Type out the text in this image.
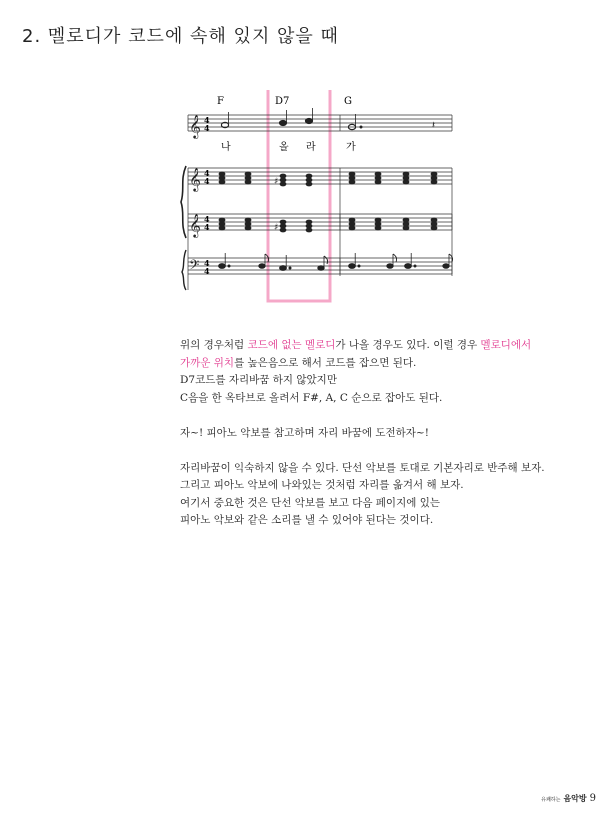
2. 멜로디가 코드에 속해 있지 않을 때
F	D7	G
𝄞 4
4	𝄽
나	올 라	가
𝄞 4
4	♯
𝄞 4
4	♯
𝄢 4
4

위의 경우처럼 코드에 없는 멜로디가 나올 경우도 있다. 이럴 경우 멜로디에서

가까운 위치를 높은음으로 해서 코드를 잡으면 된다.

D7코드를 자리바꿈 하지 않았지만

C음을 한 옥타브로 올려서 F#, A, C 순으로 잡아도 된다.

자~! 피아노 악보를 참고하며 자리 바꿈에 도전하자~!

자리바꿈이 익숙하지 않을 수 있다. 단선 악보를 토대로 기본자리로 반주해 보자.

그리고 피아노 악보에 나와있는 것처럼 자리를 옮겨서 해 보자.

여기서 중요한 것은 단선 악보를 보고 다음 페이지에 있는

피아노 악보와 같은 소리를 낼 수 있어야 된다는 것이다.

유쾌하는 음악방 9
